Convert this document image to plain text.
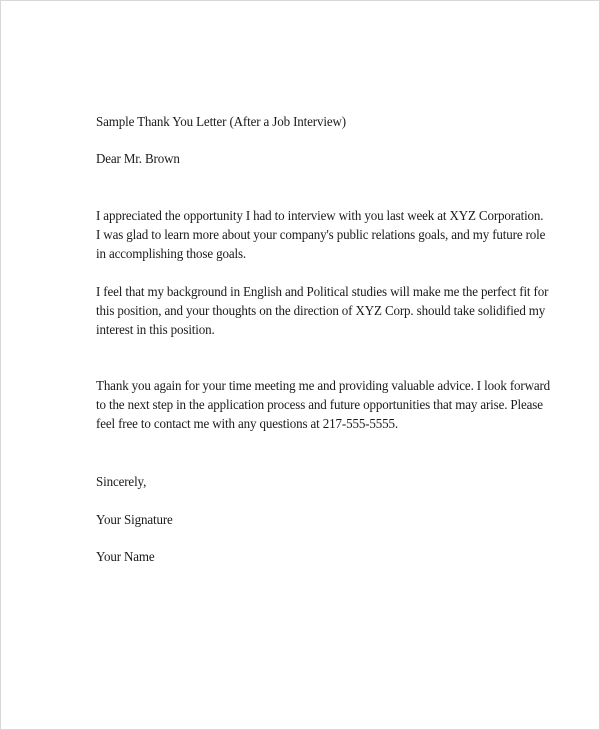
Sample Thank You Letter (After a Job Interview)
Dear Mr. Brown
I appreciated the opportunity I had to interview with you last week at XYZ Corporation.
I was glad to learn more about your company's public relations goals, and my future role
in accomplishing those goals.
I feel that my background in English and Political studies will make me the perfect fit for
this position, and your thoughts on the direction of XYZ Corp. should take solidified my
interest in this position.
Thank you again for your time meeting me and providing valuable advice. I look forward
to the next step in the application process and future opportunities that may arise. Please
feel free to contact me with any questions at 217-555-5555.
Sincerely,
Your Signature
Your Name
